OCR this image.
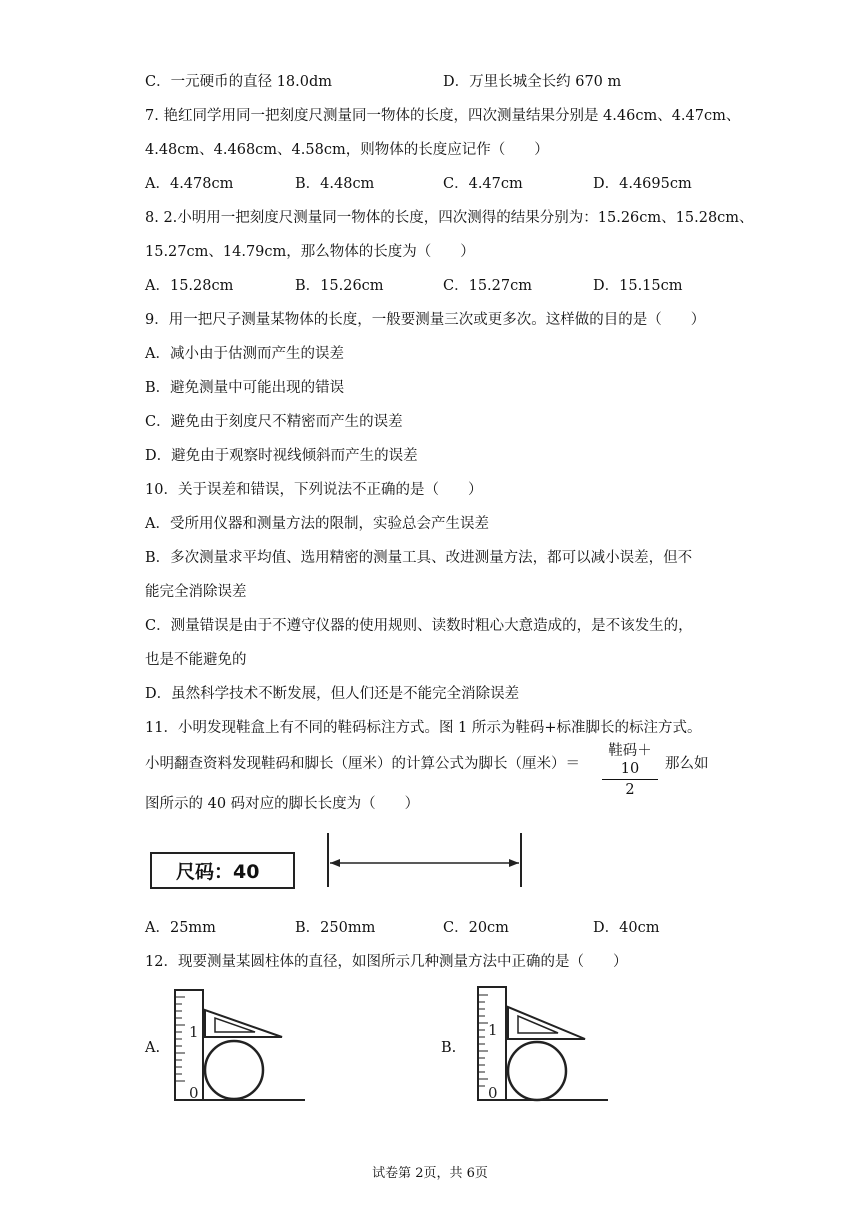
C．一元硬币的直径 18.0dm	D．万里长城全长约 670 m
7. 艳红同学用同一把刻度尺测量同一物体的长度，四次测量结果分别是 4.46cm、4.47cm、
4.48cm、4.468cm、4.58cm，则物体的长度应记作（　　）
A．4.478cm	B．4.48cm	C．4.47cm	D．4.4695cm
8. 2.小明用一把刻度尺测量同一物体的长度，四次测得的结果分别为：15.26cm、15.28cm、
15.27cm、14.79cm，那么物体的长度为（　　）
A．15.28cm	B．15.26cm	C．15.27cm	D．15.15cm
9．用一把尺子测量某物体的长度，一般要测量三次或更多次。这样做的目的是（　　）
A．减小由于估测而产生的误差
B．避免测量中可能出现的错误
C．避免由于刻度尺不精密而产生的误差
D．避免由于观察时视线倾斜而产生的误差
10．关于误差和错误，下列说法不正确的是（　　）
A．受所用仪器和测量方法的限制，实验总会产生误差
B．多次测量求平均值、选用精密的测量工具、改进测量方法，都可以减小误差，但不
能完全消除误差
C．测量错误是由于不遵守仪器的使用规则、读数时粗心大意造成的，是不该发生的，
也是不能避免的
D．虽然科学技术不断发展，但人们还是不能完全消除误差
11．小明发现鞋盒上有不同的鞋码标注方式。图 1 所示为鞋码+标准脚长的标注方式。
小明翻查资料发现鞋码和脚长（厘米）的计算公式为脚长（厘米）＝
鞋码＋10
2
那么如
图所示的 40 码对应的脚长长度为（　　）
尺码：40
A．25mm	B．250mm	C．20cm	D．40cm
12．现要测量某圆柱体的直径，如图所示几种测量方法中正确的是（　　）
A.	B.
1
0
1
0
试卷第 2页，共 6页
